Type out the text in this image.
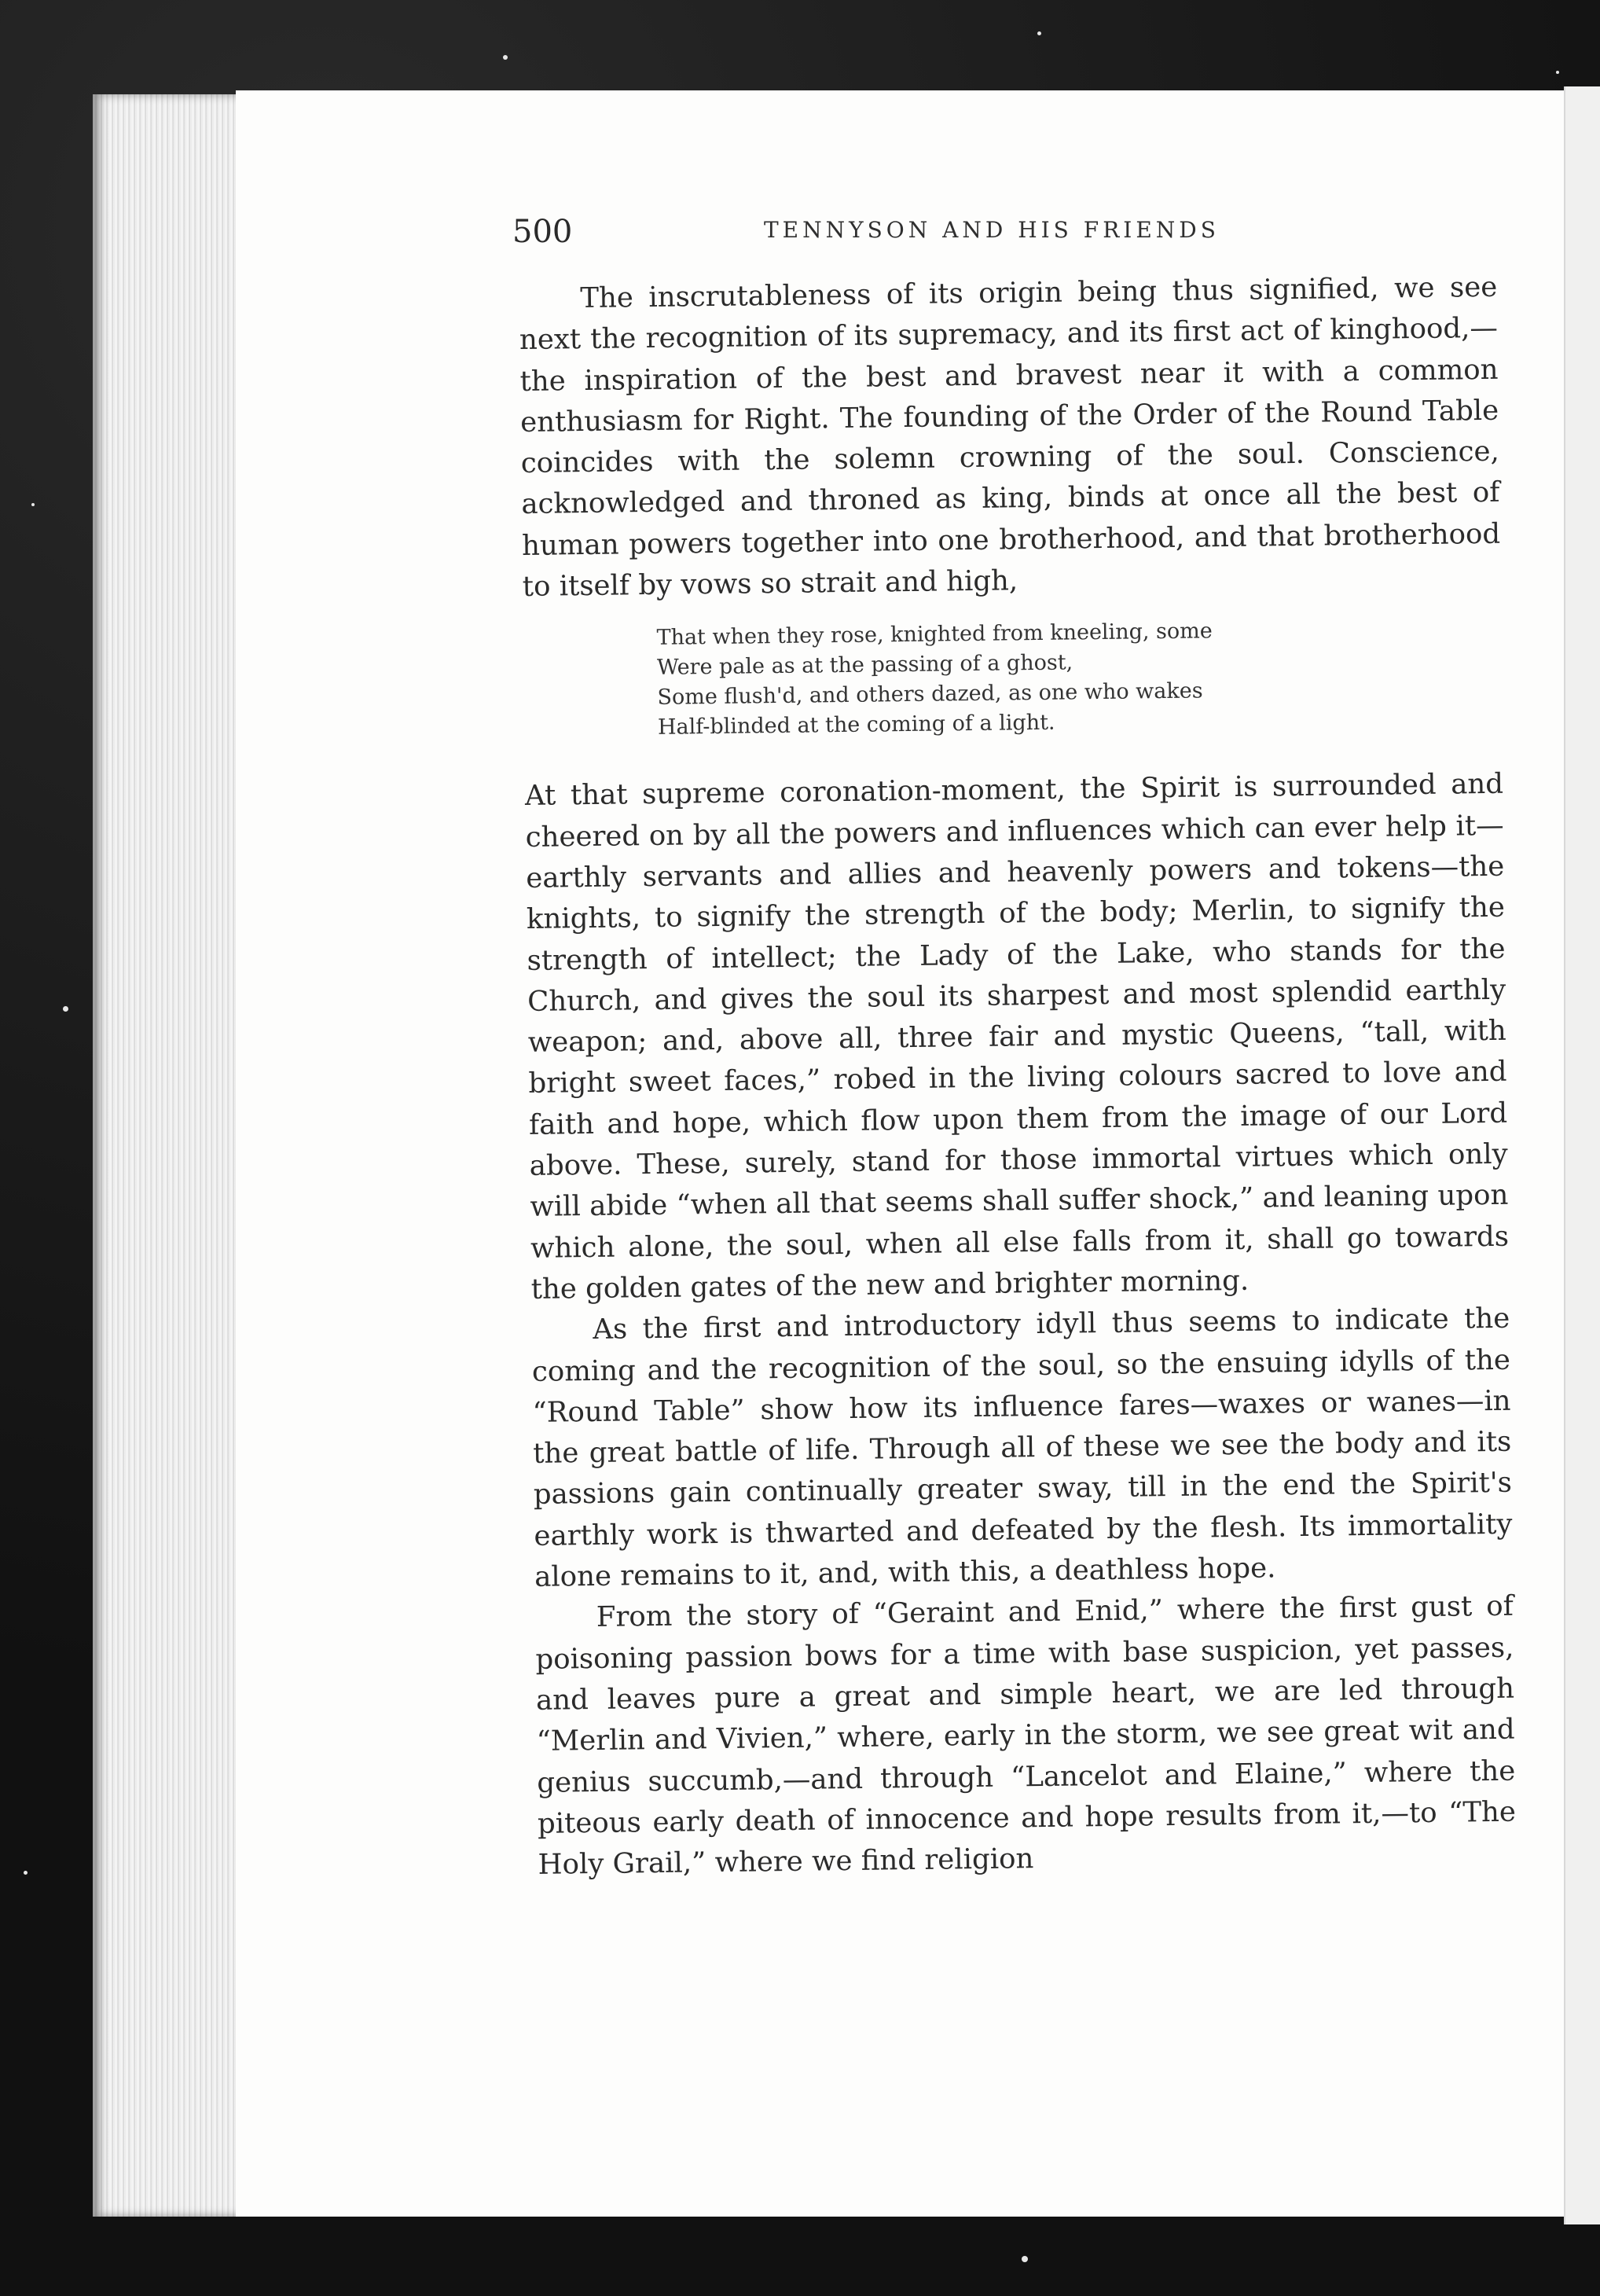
500	TENNYSON AND HIS FRIENDS

The inscrutableness of its origin being thus signified, we see next the recognition of its supremacy, and its first act of kinghood,—the inspiration of the best and bravest near it with a common enthusiasm for Right. The founding of the Order of the Round Table coincides with the solemn crowning of the soul. Conscience, acknowledged and throned as king, binds at once all the best of human powers together into one brotherhood, and that brotherhood to itself by vows so strait and high,

That when they rose, knighted from kneeling, some
Were pale as at the passing of a ghost,
Some flush'd, and others dazed, as one who wakes
Half-blinded at the coming of a light.

At that supreme coronation-moment, the Spirit is surrounded and cheered on by all the powers and influences which can ever help it—earthly servants and allies and heavenly powers and tokens—the knights, to signify the strength of the body; Merlin, to signify the strength of intellect; the Lady of the Lake, who stands for the Church, and gives the soul its sharpest and most splendid earthly weapon; and, above all, three fair and mystic Queens, “tall, with bright sweet faces,” robed in the living colours sacred to love and faith and hope, which flow upon them from the image of our Lord above. These, surely, stand for those immortal virtues which only will abide “when all that seems shall suffer shock,” and leaning upon which alone, the soul, when all else falls from it, shall go towards the golden gates of the new and brighter morning.

As the first and introductory idyll thus seems to indicate the coming and the recognition of the soul, so the ensuing idylls of the “Round Table” show how its influence fares—waxes or wanes—in the great battle of life. Through all of these we see the body and its passions gain continually greater sway, till in the end the Spirit's earthly work is thwarted and defeated by the flesh. Its immortality alone remains to it, and, with this, a deathless hope.

From the story of “Geraint and Enid,” where the first gust of poisoning passion bows for a time with base suspicion, yet passes, and leaves pure a great and simple heart, we are led through “Merlin and Vivien,” where, early in the storm, we see great wit and genius succumb,—and through “Lancelot and Elaine,” where the piteous early death of innocence and hope results from it,—to “The Holy Grail,” where we find religion
